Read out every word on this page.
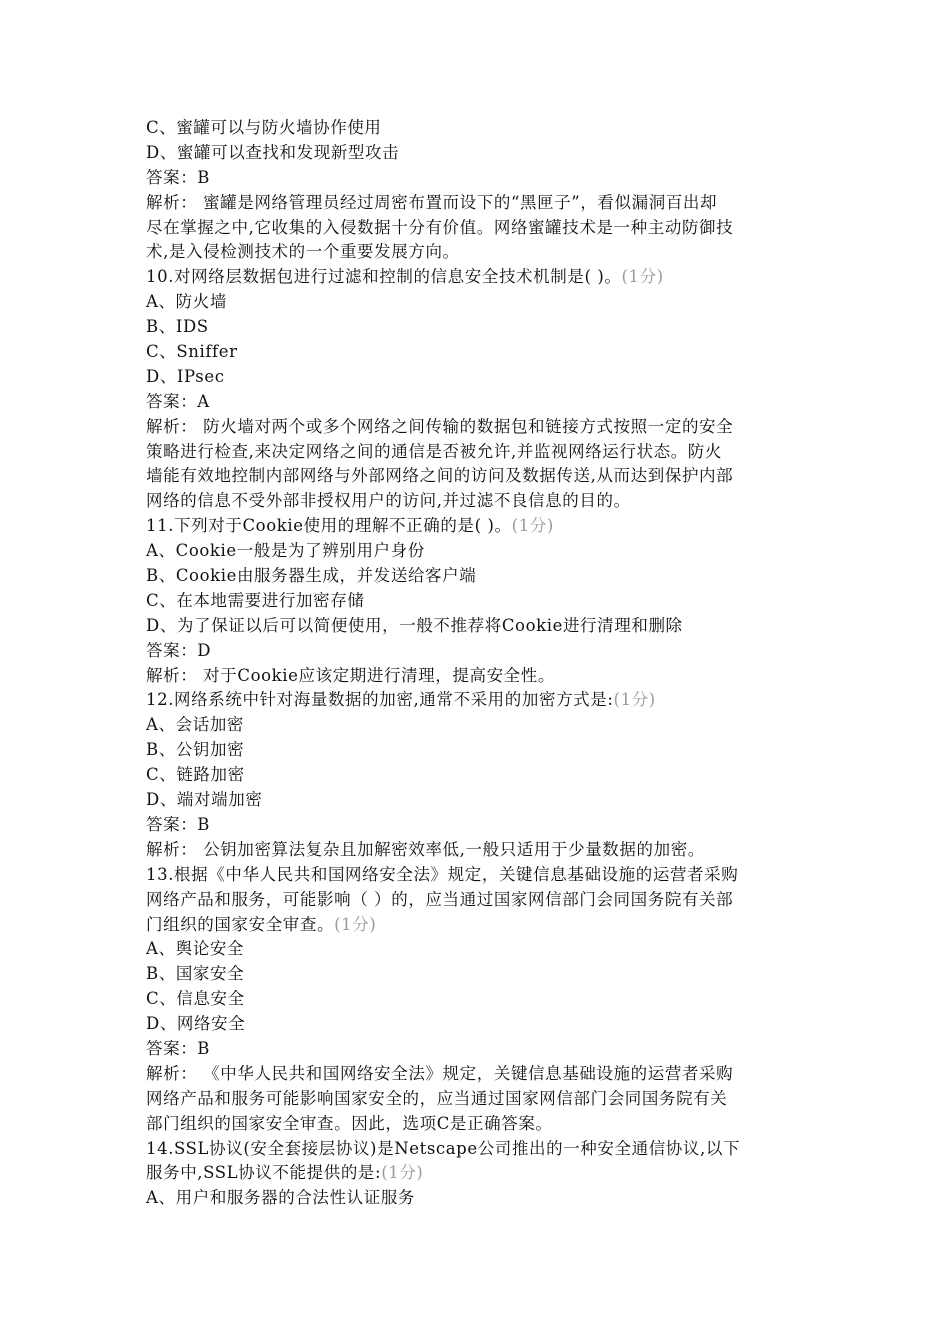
C、蜜罐可以与防火墙协作使用
D、蜜罐可以查找和发现新型攻击
答案：B
解析： 蜜罐是网络管理员经过周密布置而设下的“黑匣子”，看似漏洞百出却
尽在掌握之中,它收集的入侵数据十分有价值。网络蜜罐技术是一种主动防御技
术,是入侵检测技术的一个重要发展方向。
10.对网络层数据包进行过滤和控制的信息安全技术机制是( )。(1分)
A、防火墙
B、IDS
C、Sniffer
D、IPsec
答案：A
解析： 防火墙对两个或多个网络之间传输的数据包和链接方式按照一定的安全
策略进行检查,来决定网络之间的通信是否被允许,并监视网络运行状态。防火
墙能有效地控制内部网络与外部网络之间的访问及数据传送,从而达到保护内部
网络的信息不受外部非授权用户的访问,并过滤不良信息的目的。
11.下列对于Cookie使用的理解不正确的是( )。(1分)
A、Cookie一般是为了辨别用户身份
B、Cookie由服务器生成，并发送给客户端
C、在本地需要进行加密存储
D、为了保证以后可以简便使用，一般不推荐将Cookie进行清理和删除
答案：D
解析： 对于Cookie应该定期进行清理，提高安全性。
12.网络系统中针对海量数据的加密,通常不采用的加密方式是:(1分)
A、会话加密
B、公钥加密
C、链路加密
D、端对端加密
答案：B
解析： 公钥加密算法复杂且加解密效率低,一般只适用于少量数据的加密。
13.根据《中华人民共和国网络安全法》规定，关键信息基础设施的运营者采购
网络产品和服务，可能影响（ ）的，应当通过国家网信部门会同国务院有关部
门组织的国家安全审查。(1分)
A、舆论安全
B、国家安全
C、信息安全
D、网络安全
答案：B
解析： 《中华人民共和国网络安全法》规定，关键信息基础设施的运营者采购
网络产品和服务可能影响国家安全的，应当通过国家网信部门会同国务院有关
部门组织的国家安全审查。因此，选项C是正确答案。
14.SSL协议(安全套接层协议)是Netscape公司推出的一种安全通信协议,以下
服务中,SSL协议不能提供的是:(1分)
A、用户和服务器的合法性认证服务
